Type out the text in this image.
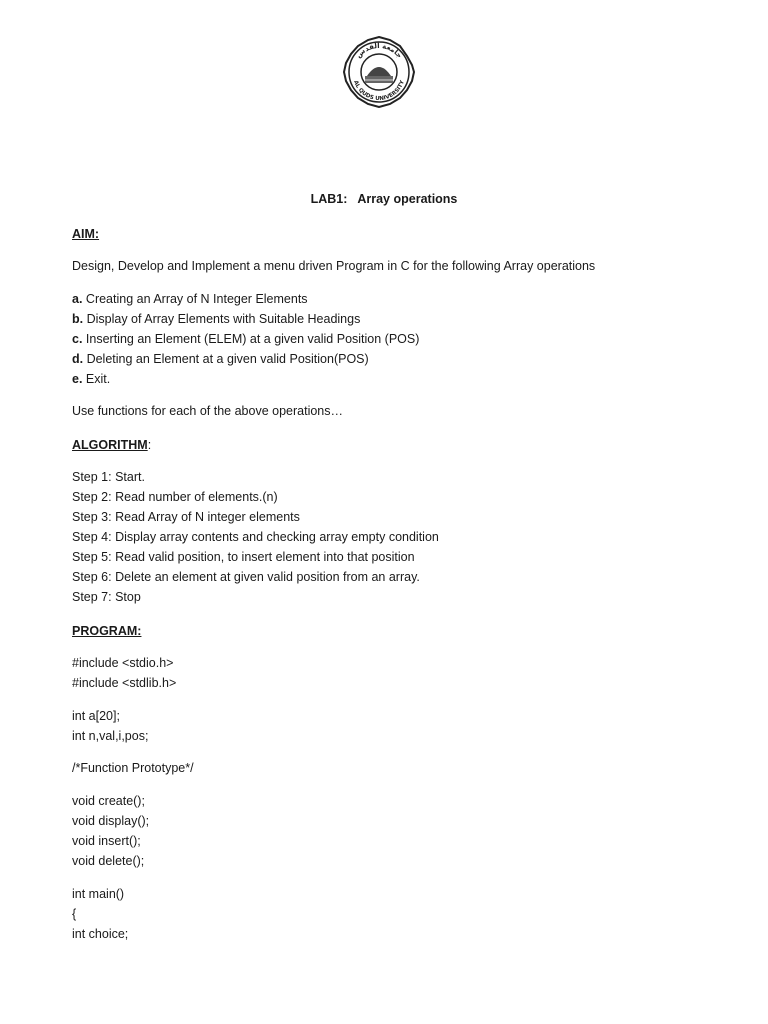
جامعة القدس
AL QUDS UNIVERSITY
LAB1:   Array operations
AIM:
Design, Develop and Implement a menu driven Program in C for the following Array operations
a. Creating an Array of N Integer Elements
b. Display of Array Elements with Suitable Headings
c. Inserting an Element (ELEM) at a given valid Position (POS)
d. Deleting an Element at a given valid Position(POS)
e. Exit.
Use functions for each of the above operations…
ALGORITHM:
Step 1: Start.
Step 2: Read number of elements.(n)
Step 3: Read Array of N integer elements
Step 4: Display array contents and checking array empty condition
Step 5: Read valid position, to insert element into that position
Step 6: Delete an element at given valid position from an array.
Step 7: Stop
PROGRAM:
#include <stdio.h>
#include <stdlib.h>
int a[20];
int n,val,i,pos;
/*Function Prototype*/
void create();
void display();
void insert();
void delete();
int main()
{
int choice;
